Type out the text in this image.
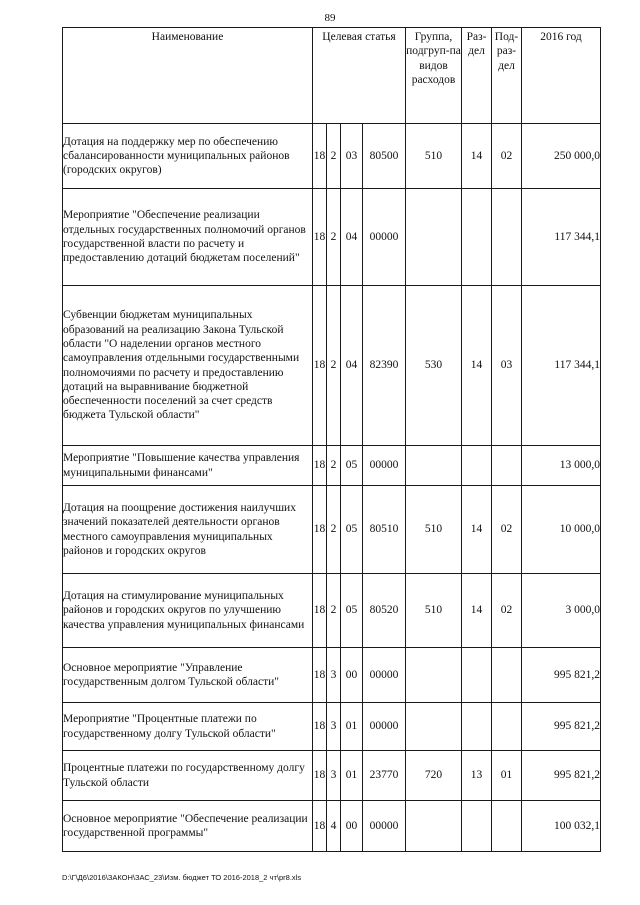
89
Наименование	Целевая статья				Группа, подгруп-па видов расходов	Раз-дел	Под-раз-дел	2016 год
Дотация на поддержку мер по обеспечению сбалансированности муниципальных районов (городских округов)	18	2	03	80500	510	14	02	250 000,0
Мероприятие "Обеспечение реализации отдельных государственных полномочий органов государственной власти по расчету и предоставлению дотаций бюджетам поселений"	18	2	04	00000				117 344,1
Субвенции бюджетам муниципальных образований на реализацию Закона Тульской области "О наделении органов местного самоуправления отдельными государственными полномочиями по расчету и предоставлению дотаций на выравнивание бюджетной обеспеченности поселений за счет средств бюджета Тульской области"	18	2	04	82390	530	14	03	117 344,1
Мероприятие "Повышение качества управления муниципальными финансами"	18	2	05	00000				13 000,0
Дотация на поощрение достижения наилучших значений показателей деятельности органов местного самоуправления муниципальных районов и городских округов	18	2	05	80510	510	14	02	10 000,0
Дотация на стимулирование муниципальных районов и городских округов по улучшению качества управления муниципальных финансами	18	2	05	80520	510	14	02	3 000,0
Основное мероприятие "Управление государственным долгом Тульской области"	18	3	00	00000				995 821,2
Мероприятие "Процентные платежи по государственному долгу Тульской области"	18	3	01	00000				995 821,2
Процентные платежи по государственному долгу Тульской области	18	3	01	23770	720	13	01	995 821,2
Основное мероприятие "Обеспечение реализации государственной программы"	18	4	00	00000				100 032,1
D:\Г\Д6\2016\ЗАКОН\ЗАС_23\Изм. бюджет ТО 2016-2018_2 чт\pr8.xls
